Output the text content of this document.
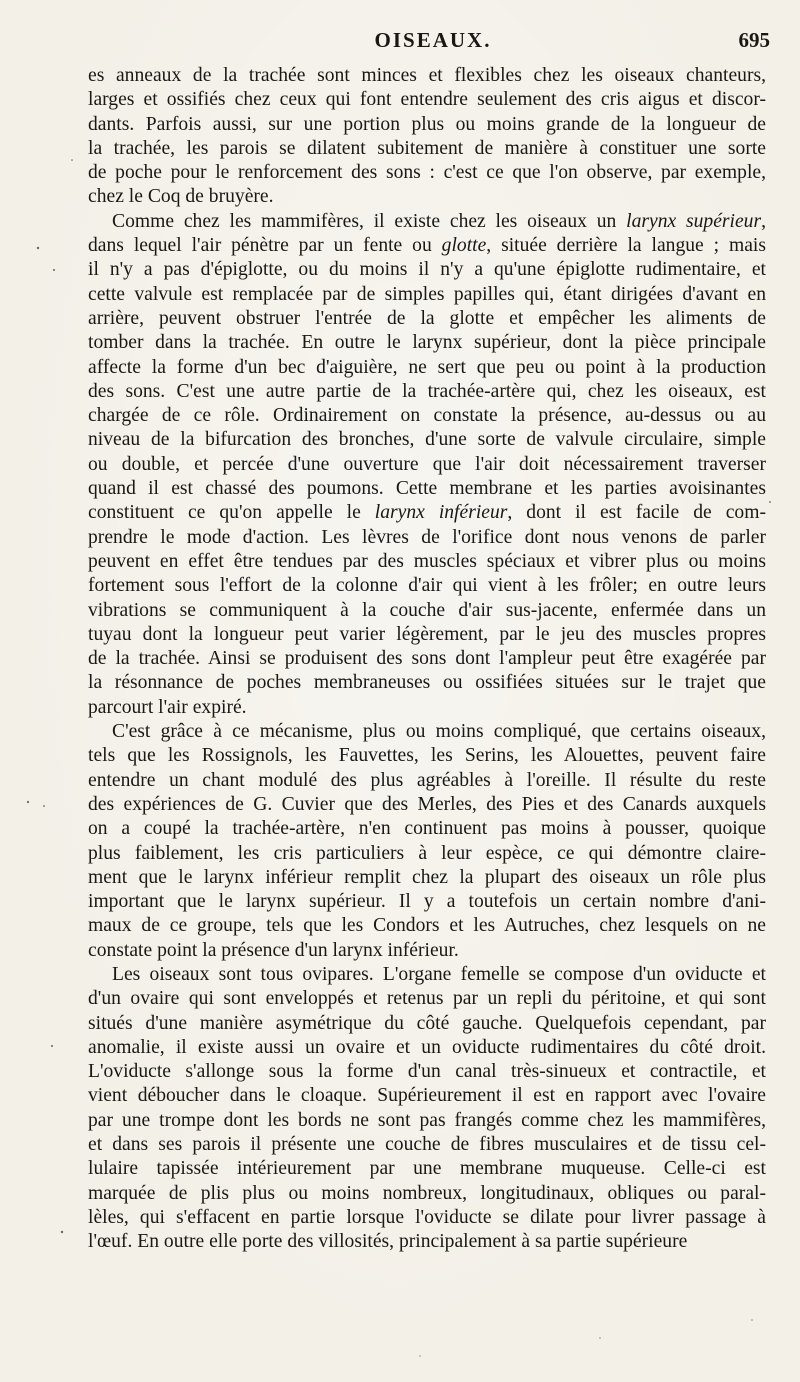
OISEAUX.	695
es anneaux de la trachée sont minces et flexibles chez les oiseaux chanteurs,
larges et ossifiés chez ceux qui font entendre seulement des cris aigus et discor-
dants. Parfois aussi, sur une portion plus ou moins grande de la longueur de
la trachée, les parois se dilatent subitement de manière à constituer une sorte
de poche pour le renforcement des sons : c'est ce que l'on observe, par exemple,
chez le Coq de bruyère.
Comme chez les mammifères, il existe chez les oiseaux un larynx supérieur,
dans lequel l'air pénètre par un fente ou glotte, située derrière la langue ; mais
il n'y a pas d'épiglotte, ou du moins il n'y a qu'une épiglotte rudimentaire, et
cette valvule est remplacée par de simples papilles qui, étant dirigées d'avant en
arrière, peuvent obstruer l'entrée de la glotte et empêcher les aliments de
tomber dans la trachée. En outre le larynx supérieur, dont la pièce principale
affecte la forme d'un bec d'aiguière, ne sert que peu ou point à la production
des sons. C'est une autre partie de la trachée-artère qui, chez les oiseaux, est
chargée de ce rôle. Ordinairement on constate la présence, au-dessus ou au
niveau de la bifurcation des bronches, d'une sorte de valvule circulaire, simple
ou double, et percée d'une ouverture que l'air doit nécessairement traverser
quand il est chassé des poumons. Cette membrane et les parties avoisinantes
constituent ce qu'on appelle le larynx inférieur, dont il est facile de com-
prendre le mode d'action. Les lèvres de l'orifice dont nous venons de parler
peuvent en effet être tendues par des muscles spéciaux et vibrer plus ou moins
fortement sous l'effort de la colonne d'air qui vient à les frôler; en outre leurs
vibrations se communiquent à la couche d'air sus-jacente, enfermée dans un
tuyau dont la longueur peut varier légèrement, par le jeu des muscles propres
de la trachée. Ainsi se produisent des sons dont l'ampleur peut être exagérée par
la résonnance de poches membraneuses ou ossifiées situées sur le trajet que
parcourt l'air expiré.
C'est grâce à ce mécanisme, plus ou moins compliqué, que certains oiseaux,
tels que les Rossignols, les Fauvettes, les Serins, les Alouettes, peuvent faire
entendre un chant modulé des plus agréables à l'oreille. Il résulte du reste
des expériences de G. Cuvier que des Merles, des Pies et des Canards auxquels
on a coupé la trachée-artère, n'en continuent pas moins à pousser, quoique
plus faiblement, les cris particuliers à leur espèce, ce qui démontre claire-
ment que le larynx inférieur remplit chez la plupart des oiseaux un rôle plus
important que le larynx supérieur. Il y a toutefois un certain nombre d'ani-
maux de ce groupe, tels que les Condors et les Autruches, chez lesquels on ne
constate point la présence d'un larynx inférieur.
Les oiseaux sont tous ovipares. L'organe femelle se compose d'un oviducte et
d'un ovaire qui sont enveloppés et retenus par un repli du péritoine, et qui sont
situés d'une manière asymétrique du côté gauche. Quelquefois cependant, par
anomalie, il existe aussi un ovaire et un oviducte rudimentaires du côté droit.
L'oviducte s'allonge sous la forme d'un canal très-sinueux et contractile, et
vient déboucher dans le cloaque. Supérieurement il est en rapport avec l'ovaire
par une trompe dont les bords ne sont pas frangés comme chez les mammifères,
et dans ses parois il présente une couche de fibres musculaires et de tissu cel-
lulaire tapissée intérieurement par une membrane muqueuse. Celle-ci est
marquée de plis plus ou moins nombreux, longitudinaux, obliques ou paral-
lèles, qui s'effacent en partie lorsque l'oviducte se dilate pour livrer passage à
l'œuf. En outre elle porte des villosités, principalement à sa partie supérieure
